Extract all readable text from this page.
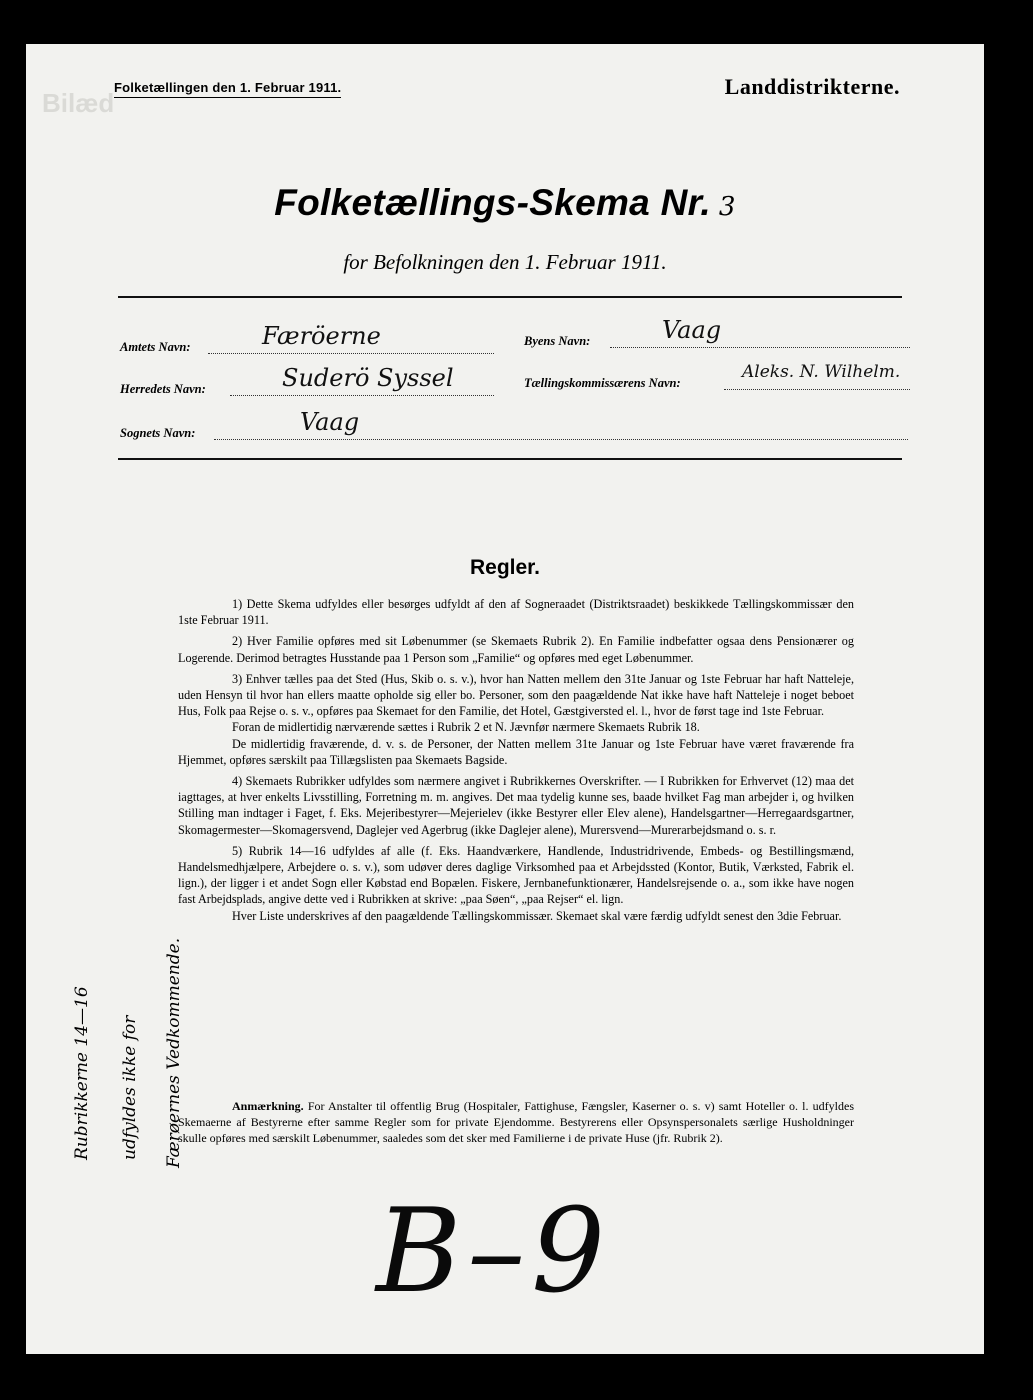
Bilæd
Folketællingen den 1. Februar 1911.	Landdistrikterne.
Folketællings-Skema Nr. 3
for Befolkningen den 1. Februar 1911.
Amtets Navn:	Færöerne	Byens Navn:	Vaag
Herredets Navn:	Suderö Syssel	Tællingskommissærens Navn:
Aleks. N. Wilhelm.
Sognets Navn:	Vaag
Regler.

1) Dette Skema udfyldes eller besørges udfyldt af den af Sogneraadet (Distriktsraadet) beskikkede Tællingskommissær den 1ste Februar 1911.

2) Hver Familie opføres med sit Løbenummer (se Skemaets Rubrik 2). En Familie indbefatter ogsaa dens Pensionærer og Logerende. Derimod betragtes Husstande paa 1 Person som „Familie“ og opføres med eget Løbenummer.

3) Enhver tælles paa det Sted (Hus, Skib o. s. v.), hvor han Natten mellem den 31te Januar og 1ste Februar har haft Natteleje, uden Hensyn til hvor han ellers maatte opholde sig eller bo. Personer, som den paagældende Nat ikke have haft Natteleje i noget beboet Hus, Folk paa Rejse o. s. v., opføres paa Skemaet for den Familie, det Hotel, Gæstgiversted el. l., hvor de først tage ind 1ste Februar.

Foran de midlertidig nærværende sættes i Rubrik 2 et N. Jævnfør nærmere Skemaets Rubrik 18.

De midlertidig fraværende, d. v. s. de Personer, der Natten mellem 31te Januar og 1ste Februar have været fraværende fra Hjemmet, opføres særskilt paa Tillægslisten paa Skemaets Bagside.

4) Skemaets Rubrikker udfyldes som nærmere angivet i Rubrikkernes Overskrifter. — I Rubrikken for Erhvervet (12) maa det iagttages, at hver enkelts Livsstilling, Forretning m. m. angives. Det maa tydelig kunne ses, baade hvilket Fag man arbejder i, og hvilken Stilling man indtager i Faget, f. Eks. Mejeribestyrer—Mejerielev (ikke Bestyrer eller Elev alene), Handelsgartner—Herregaardsgartner, Skomagermester—Skomagersvend, Daglejer ved Agerbrug (ikke Daglejer alene), Murersvend—Murerarbejdsmand o. s. r.

5) Rubrik 14—16 udfyldes af alle (f. Eks. Haandværkere, Handlende, Industridrivende, Embeds- og Bestillingsmænd, Handelsmedhjælpere, Arbejdere o. s. v.), som udøver deres daglige Virksomhed paa et Arbejdssted (Kontor, Butik, Værksted, Fabrik el. lign.), der ligger i et andet Sogn eller Købstad end Bopælen. Fiskere, Jernbanefunktionærer, Handelsrejsende o. a., som ikke have nogen fast Arbejdsplads, angive dette ved i Rubrikken at skrive: „paa Søen“, „paa Rejser“ el. lign.

Hver Liste underskrives af den paagældende Tællingskommissær. Skemaet skal være færdig udfyldt senest den 3die Februar.

Anmærkning. For Anstalter til offentlig Brug (Hospitaler, Fattighuse, Fængsler, Kaserner o. s. v) samt Hoteller o. l. udfyldes Skemaerne af Bestyrerne efter samme Regler som for private Ejendomme. Bestyrerens eller Opsynspersonalets særlige Husholdninger skulle opføres med særskilt Løbenummer, saaledes som det sker med Familierne i de private Huse (jfr. Rubrik 2).

Rubrikkerne 14—16 udfyldes ikke for Færøernes Vedkommende.
B–9
